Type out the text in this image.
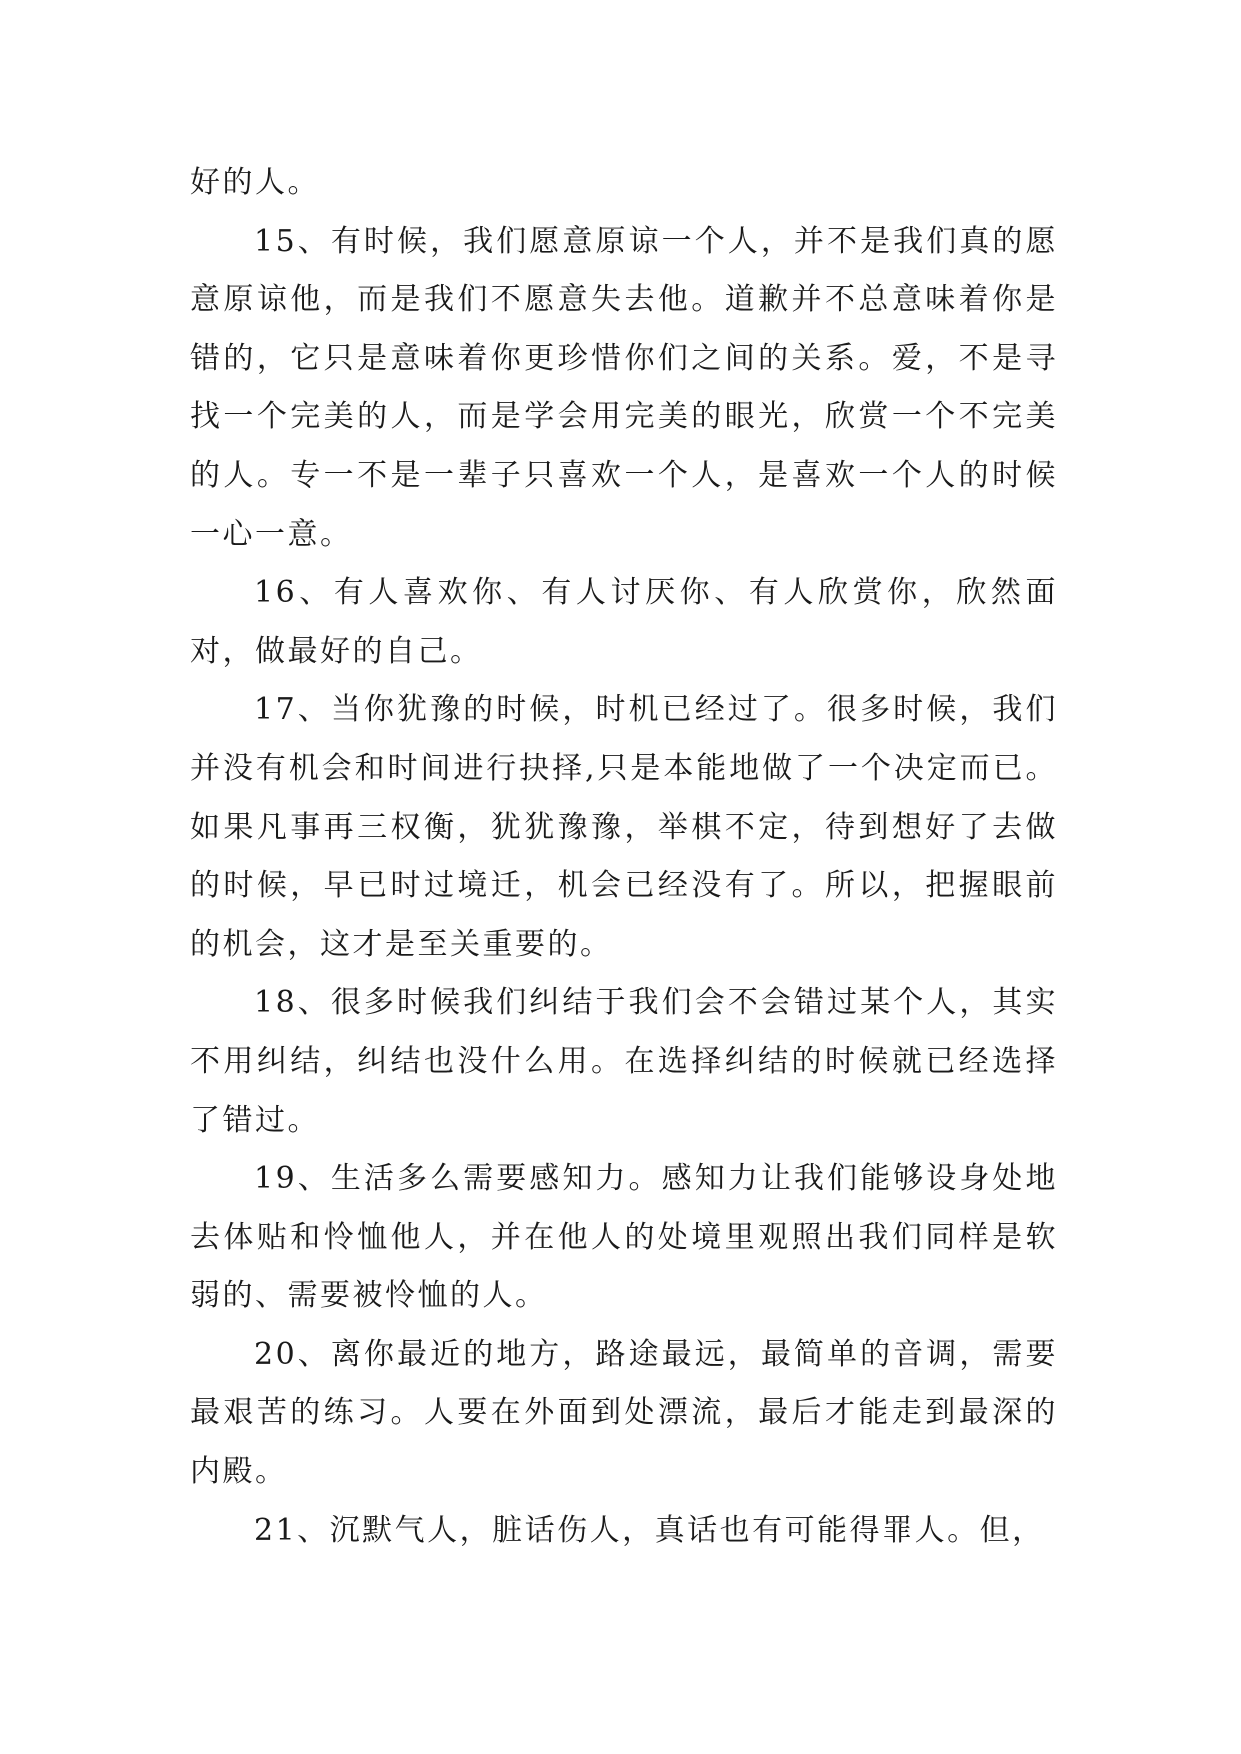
好的人。

15、有时候，我们愿意原谅一个人，并不是我们真的愿意原谅他，而是我们不愿意失去他。道歉并不总意味着你是错的，它只是意味着你更珍惜你们之间的关系。爱，不是寻找一个完美的人，而是学会用完美的眼光，欣赏一个不完美的人。专一不是一辈子只喜欢一个人，是喜欢一个人的时候一心一意。

16、有人喜欢你、有人讨厌你、有人欣赏你，欣然面对，做最好的自己。

17、当你犹豫的时候，时机已经过了。很多时候，我们并没有机会和时间进行抉择,只是本能地做了一个决定而已。如果凡事再三权衡，犹犹豫豫，举棋不定，待到想好了去做的时候，早已时过境迁，机会已经没有了。所以，把握眼前的机会，这才是至关重要的。

18、很多时候我们纠结于我们会不会错过某个人，其实不用纠结，纠结也没什么用。在选择纠结的时候就已经选择了错过。

19、生活多么需要感知力。感知力让我们能够设身处地去体贴和怜恤他人，并在他人的处境里观照出我们同样是软弱的、需要被怜恤的人。

20、离你最近的地方，路途最远，最简单的音调，需要最艰苦的练习。人要在外面到处漂流，最后才能走到最深的内殿。

21、沉默气人，脏话伤人，真话也有可能得罪人。但，
